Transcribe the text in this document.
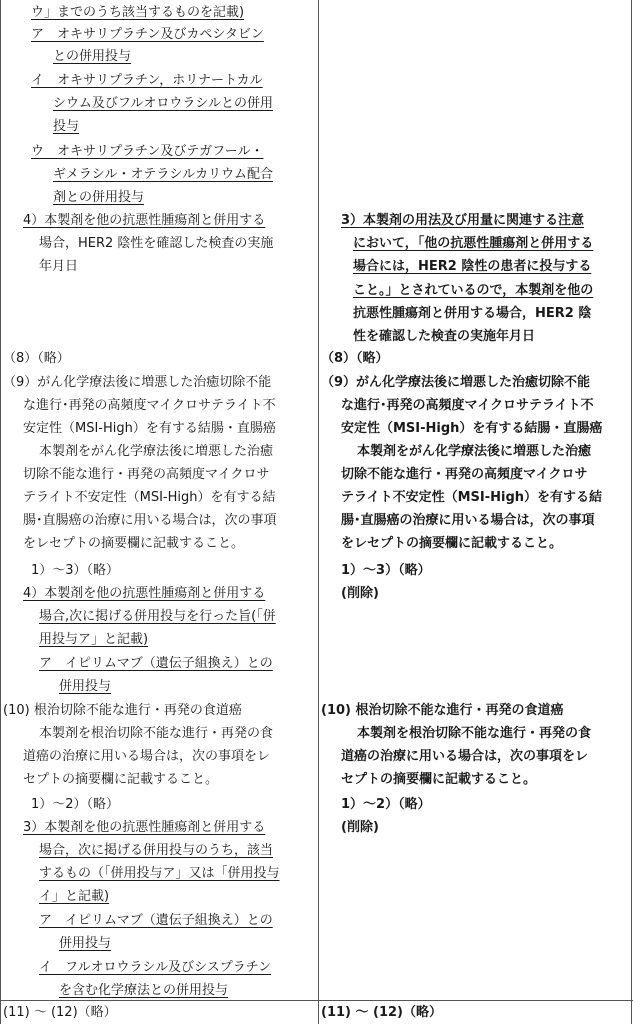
ウ」までのうち該当するものを記載)
ア　オキサリプラチン及びカペシタビン
との併用投与
イ　オキサリプラチン，ホリナートカル
シウム及びフルオロウラシルとの併用
投与
ウ　オキサリプラチン及びテガフール・
ギメラシル・オテラシルカリウム配合
剤との併用投与
4）本製剤を他の抗悪性腫瘍剤と併用する
場合，HER2 陰性を確認した検査の実施
年月日
（8）（略）
（9）がん化学療法後に増悪した治癒切除不能
な進行･再発の高頻度マイクロサテライト不
安定性（MSI-High）を有する結腸・直腸癌
本製剤をがん化学療法後に増悪した治癒
切除不能な進行・再発の高頻度マイクロサ
テライト不安定性（MSI-High）を有する結
腸･直腸癌の治療に用いる場合は，次の事項
をレセプトの摘要欄に記載すること。
1）～3）（略）
4）本製剤を他の抗悪性腫瘍剤と併用する
場合,次に掲げる併用投与を行った旨(「併
用投与ア」と記載)
ア　イピリムマブ（遺伝子組換え）との
併用投与
(10) 根治切除不能な進行・再発の食道癌
本製剤を根治切除不能な進行・再発の食
道癌の治療に用いる場合は，次の事項をレ
セプトの摘要欄に記載すること。
1）～2）（略）
3）本製剤を他の抗悪性腫瘍剤と併用する
場合，次に掲げる併用投与のうち，該当
するもの（「併用投与ア」又は「併用投与
イ」と記載)
ア　イピリムマブ（遺伝子組換え）との
併用投与
イ　フルオロウラシル及びシスプラチン
を含む化学療法との併用投与
(11) ～ (12)（略）
3）本製剤の用法及び用量に関連する注意
において，「他の抗悪性腫瘍剤と併用する
場合には，HER2 陰性の患者に投与する
こと。」とされているので，本製剤を他の
抗悪性腫瘍剤と併用する場合，HER2 陰
性を確認した検査の実施年月日
（8）（略）
（9）がん化学療法後に増悪した治癒切除不能
な進行･再発の高頻度マイクロサテライト不
安定性（MSI-High）を有する結腸・直腸癌
本製剤をがん化学療法後に増悪した治癒
切除不能な進行・再発の高頻度マイクロサ
テライト不安定性（MSI-High）を有する結
腸･直腸癌の治療に用いる場合は，次の事項
をレセプトの摘要欄に記載すること。
1）～3）（略）
(削除)
(10) 根治切除不能な進行・再発の食道癌
本製剤を根治切除不能な進行・再発の食
道癌の治療に用いる場合は，次の事項をレ
セプトの摘要欄に記載すること。
1）～2）（略）
(削除)
(11) ～ (12)（略）
